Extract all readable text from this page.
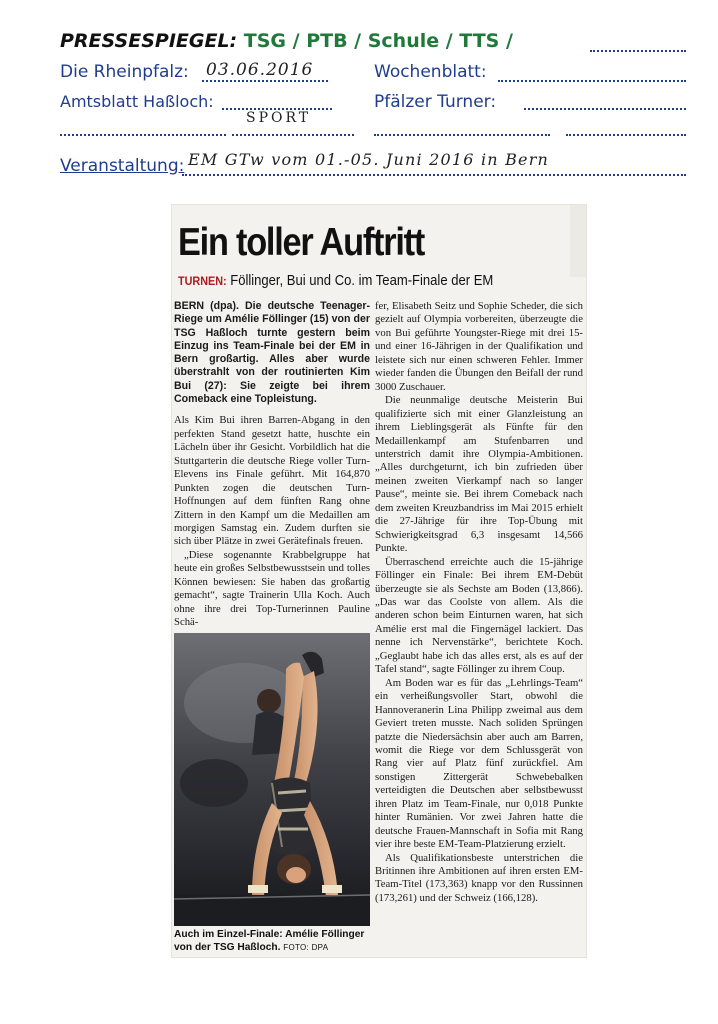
PRESSESPIEGEL: TSG / PTB / Schule / TTS /
Die Rheinpfalz: 03.06.2016	Wochenblatt:
Amtsblatt Haßloch:	Pfälzer Turner:
SPORT
Veranstaltung: EM GTw vom 01.-05. Juni 2016 in Bern
Ein toller Auftritt
TURNEN: Föllinger, Bui und Co. im Team-Finale der EM
BERN (dpa). Die deutsche Teenager-Riege um Amélie Föllinger (15) von der TSG Haßloch turnte gestern beim Einzug ins Team-Finale bei der EM in Bern großartig. Alles aber wurde überstrahlt von der routinierten Kim Bui (27): Sie zeigte bei ihrem Comeback eine Topleistung.

Als Kim Bui ihren Barren-Abgang in den perfekten Stand gesetzt hatte, huschte ein Lächeln über ihr Gesicht. Vorbildlich hat die Stuttgarterin die deutsche Riege voller Turn-Elevens ins Finale geführt. Mit 164,870 Punkten zogen die deutschen Turn-Hoffnungen auf dem fünften Rang ohne Zittern in den Kampf um die Medaillen am morgigen Samstag ein. Zudem durften sie sich über Plätze in zwei Gerätefinals freuen.

„Diese sogenannte Krabbelgruppe hat heute ein großes Selbstbewusstsein und tolles Können bewiesen: Sie haben das großartig gemacht“, sagte Trainerin Ulla Koch. Auch ohne ihre drei Top-Turnerinnen Pauline Schä-

Auch im Einzel-Finale: Amélie Föllinger von der TSG Haßloch. FOTO: DPA

fer, Elisabeth Seitz und Sophie Scheder, die sich gezielt auf Olympia vorbereiten, überzeugte die von Bui geführte Youngster-Riege mit drei 15- und einer 16-Jährigen in der Qualifikation und leistete sich nur einen schweren Fehler. Immer wieder fanden die Übungen den Beifall der rund 3000 Zuschauer.

Die neunmalige deutsche Meisterin Bui qualifizierte sich mit einer Glanzleistung an ihrem Lieblingsgerät als Fünfte für den Medaillenkampf am Stufenbarren und unterstrich damit ihre Olympia-Ambitionen. „Alles durchgeturnt, ich bin zufrieden über meinen zweiten Vierkampf nach so langer Pause“, meinte sie. Bei ihrem Comeback nach dem zweiten Kreuzbandriss im Mai 2015 erhielt die 27-Jährige für ihre Top-Übung mit Schwierigkeitsgrad 6,3 insgesamt 14,566 Punkte.

Überraschend erreichte auch die 15-jährige Föllinger ein Finale: Bei ihrem EM-Debüt überzeugte sie als Sechste am Boden (13,866). „Das war das Coolste von allem. Als die anderen schon beim Einturnen waren, hat sich Amélie erst mal die Fingernägel lackiert. Das nenne ich Nervenstärke“, berichtete Koch. „Geglaubt habe ich das alles erst, als es auf der Tafel stand“, sagte Föllinger zu ihrem Coup.

Am Boden war es für das „Lehrlings-Team“ ein verheißungsvoller Start, obwohl die Hannoveranerin Lina Philipp zweimal aus dem Geviert treten musste. Nach soliden Sprüngen patzte die Niedersächsin aber auch am Barren, womit die Riege vor dem Schlussgerät von Rang vier auf Platz fünf zurückfiel. Am sonstigen Zittergerät Schwebebalken verteidigten die Deutschen aber selbstbewusst ihren Platz im Team-Finale, nur 0,018 Punkte hinter Rumänien. Vor zwei Jahren hatte die deutsche Frauen-Mannschaft in Sofia mit Rang vier ihre beste EM-Team-Platzierung erzielt.

Als Qualifikationsbeste unterstrichen die Britinnen ihre Ambitionen auf ihren ersten EM-Team-Titel (173,363) knapp vor den Russinnen (173,261) und der Schweiz (166,128).
